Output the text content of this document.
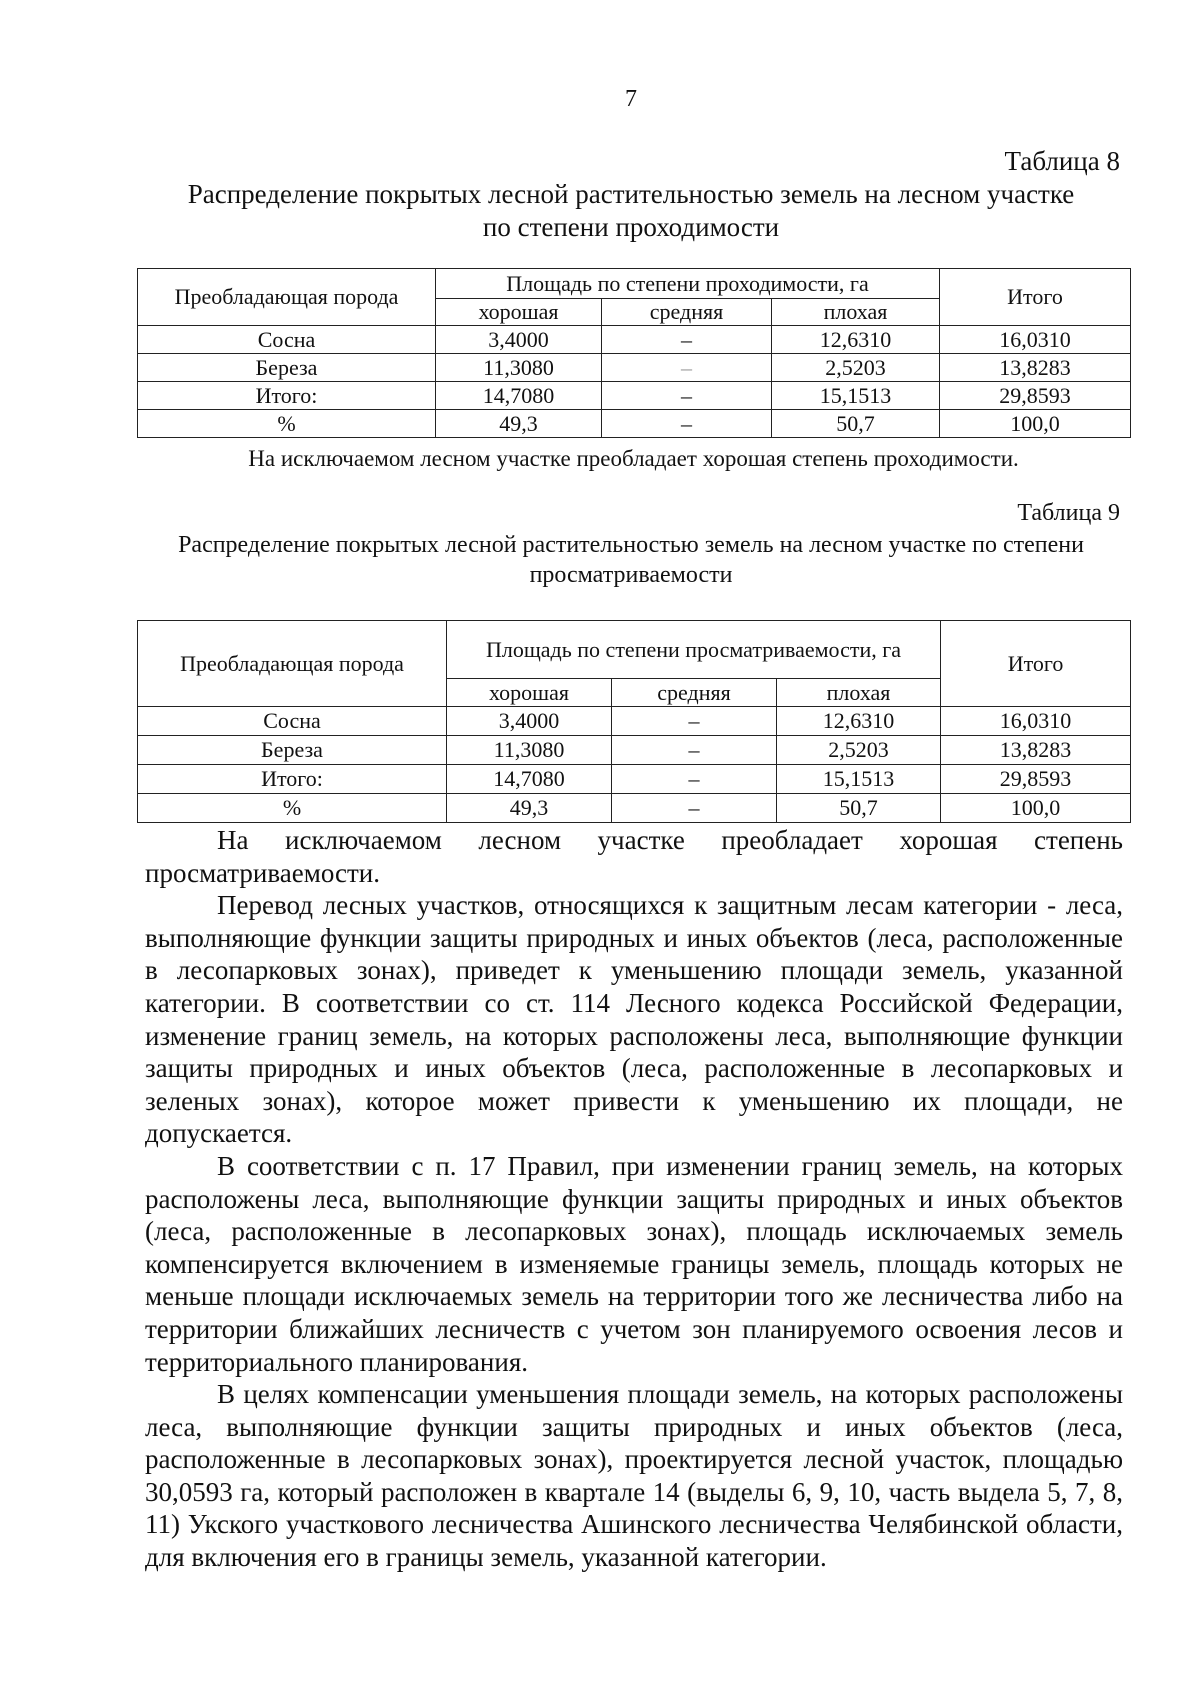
7
Таблица 8
Распределение покрытых лесной растительностью земель на лесном участке
по степени проходимости
Преобладающая порода	Площадь по степени проходимости, га			Итого
	хорошая	средняя	плохая	
Сосна	3,4000	–	12,6310	16,0310
Береза	11,3080	–	2,5203	13,8283
Итого:	14,7080	–	15,1513	29,8593
%	49,3	–	50,7	100,0
На исключаемом лесном участке преобладает хорошая степень проходимости.
Таблица 9
Распределение покрытых лесной растительностью земель на лесном участке по степени
просматриваемости
Преобладающая порода	Площадь по степени просматриваемости, га			Итого
	хорошая	средняя	плохая	
Сосна	3,4000	–	12,6310	16,0310
Береза	11,3080	–	2,5203	13,8283
Итого:	14,7080	–	15,1513	29,8593
%	49,3	–	50,7	100,0

На исключаемом лесном участке преобладает хорошая степень просматриваемости.

Перевод лесных участков, относящихся к защитным лесам категории - леса, выполняющие функции защиты природных и иных объектов (леса, расположенные в лесопарковых зонах), приведет к уменьшению площади земель, указанной категории. В соответствии со ст. 114 Лесного кодекса Российской Федерации, изменение границ земель, на которых расположены леса, выполняющие функции защиты природных и иных объектов (леса, расположенные в лесопарковых и зеленых зонах), которое может привести к уменьшению их площади, не допускается.

В соответствии с п. 17 Правил, при изменении границ земель, на которых расположены леса, выполняющие функции защиты природных и иных объектов (леса, расположенные в лесопарковых зонах), площадь исключаемых земель компенсируется включением в изменяемые границы земель, площадь которых не меньше площади исключаемых земель на территории того же лесничества либо на территории ближайших лесничеств с учетом зон планируемого освоения лесов и территориального планирования.

В целях компенсации уменьшения площади земель, на которых расположены леса, выполняющие функции защиты природных и иных объектов (леса, расположенные в лесопарковых зонах), проектируется лесной участок, площадью 30,0593 га, который расположен в квартале 14 (выделы 6, 9, 10, часть выдела 5, 7, 8, 11) Укского участкового лесничества Ашинского лесничества Челябинской области, для включения его в границы земель, указанной категории.
